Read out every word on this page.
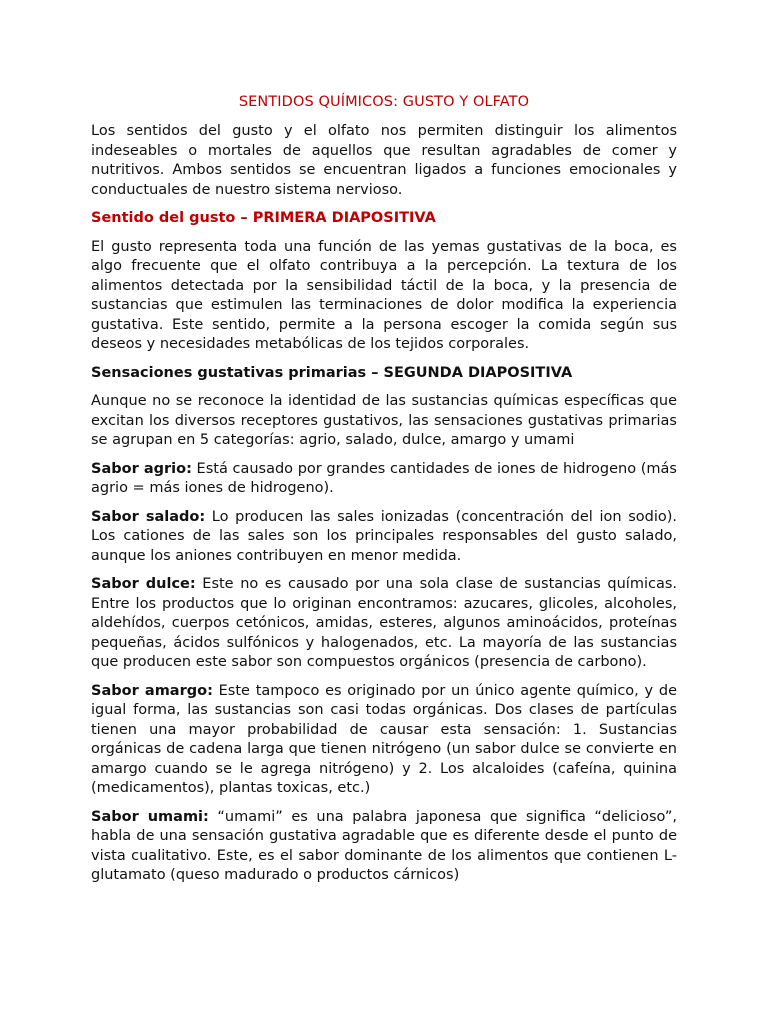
SENTIDOS QUÍMICOS: GUSTO Y OLFATO

Los sentidos del gusto y el olfato nos permiten distinguir los alimentos indeseables o mortales de aquellos que resultan agradables de comer y nutritivos. Ambos sentidos se encuentran ligados a funciones emocionales y conductuales de nuestro sistema nervioso.

Sentido del gusto – PRIMERA DIAPOSITIVA

El gusto representa toda una función de las yemas gustativas de la boca, es algo frecuente que el olfato contribuya a la percepción. La textura de los alimentos detectada por la sensibilidad táctil de la boca, y la presencia de sustancias que estimulen las terminaciones de dolor modifica la experiencia gustativa. Este sentido, permite a la persona escoger la comida según sus deseos y necesidades metabólicas de los tejidos corporales.

Sensaciones gustativas primarias – SEGUNDA DIAPOSITIVA

Aunque no se reconoce la identidad de las sustancias químicas específicas que excitan los diversos receptores gustativos, las sensaciones gustativas primarias se agrupan en 5 categorías: agrio, salado, dulce, amargo y umami

Sabor agrio: Está causado por grandes cantidades de iones de hidrogeno (más agrio = más iones de hidrogeno).

Sabor salado: Lo producen las sales ionizadas (concentración del ion sodio). Los cationes de las sales son los principales responsables del gusto salado, aunque los aniones contribuyen en menor medida.

Sabor dulce: Este no es causado por una sola clase de sustancias químicas. Entre los productos que lo originan encontramos: azucares, glicoles, alcoholes, aldehídos, cuerpos cetónicos, amidas, esteres, algunos aminoácidos, proteínas pequeñas, ácidos sulfónicos y halogenados, etc. La mayoría de las sustancias que producen este sabor son compuestos orgánicos (presencia de carbono).

Sabor amargo: Este tampoco es originado por un único agente químico, y de igual forma, las sustancias son casi todas orgánicas. Dos clases de partículas tienen una mayor probabilidad de causar esta sensación: 1. Sustancias orgánicas de cadena larga que tienen nitrógeno (un sabor dulce se convierte en amargo cuando se le agrega nitrógeno) y 2. Los alcaloides (cafeína, quinina (medicamentos), plantas toxicas, etc.)

Sabor umami: “umami” es una palabra japonesa que significa “delicioso”, habla de una sensación gustativa agradable que es diferente desde el punto de vista cualitativo. Este, es el sabor dominante de los alimentos que contienen L-glutamato (queso madurado o productos cárnicos)
